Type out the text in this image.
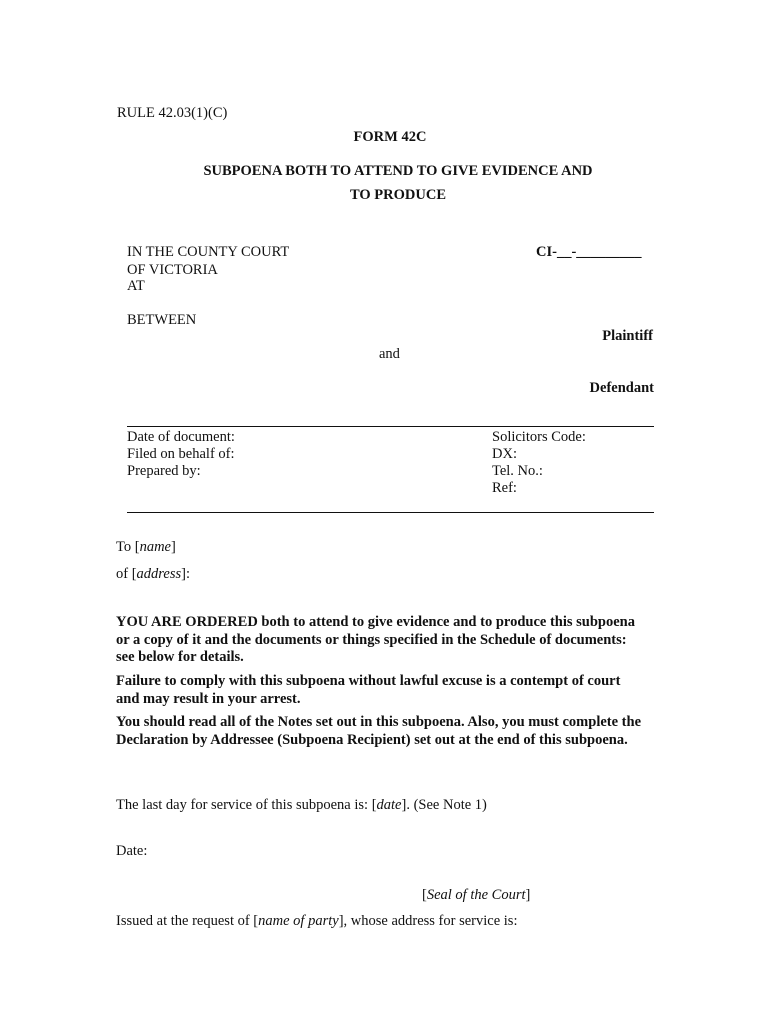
RULE 42.03(1)(C)
FORM 42C
SUBPOENA BOTH TO ATTEND TO GIVE EVIDENCE AND
TO PRODUCE
IN THE COUNTY COURT
OF VICTORIA
AT
CI-__-_________
BETWEEN
Plaintiff
and
Defendant
Date of document:
Filed on behalf of:
Prepared by:
Solicitors Code:
DX:
Tel. No.:
Ref:
To [name]
of [address]:
YOU ARE ORDERED both to attend to give evidence and to produce this subpoena or a copy of it and the documents or things specified in the Schedule of documents: see below for details.
Failure to comply with this subpoena without lawful excuse is a contempt of court and may result in your arrest.
You should read all of the Notes set out in this subpoena. Also, you must complete the Declaration by Addressee (Subpoena Recipient) set out at the end of this subpoena.
The last day for service of this subpoena is: [date]. (See Note 1)
Date:
[Seal of the Court]
Issued at the request of [name of party], whose address for service is:
